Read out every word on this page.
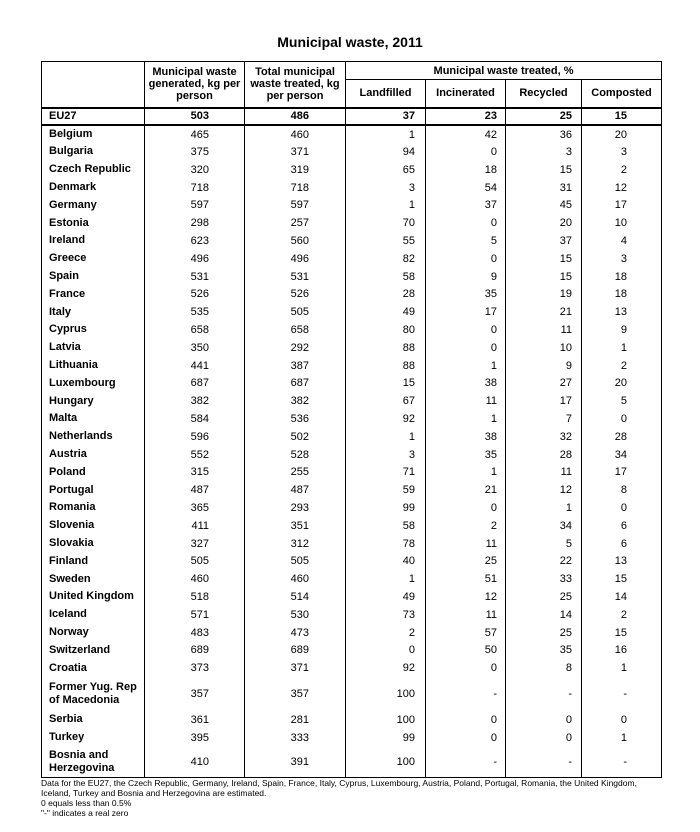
Municipal waste, 2011
	Municipal waste generated, kg per person	Total municipal waste treated, kg per person	Municipal waste treated, %			
			Landfilled	Incinerated	Recycled	Composted
EU27	503	486	37	23	25	15
Belgium	465	460	1	42	36	20
Bulgaria	375	371	94	0	3	3
Czech Republic	320	319	65	18	15	2
Denmark	718	718	3	54	31	12
Germany	597	597	1	37	45	17
Estonia	298	257	70	0	20	10
Ireland	623	560	55	5	37	4
Greece	496	496	82	0	15	3
Spain	531	531	58	9	15	18
France	526	526	28	35	19	18
Italy	535	505	49	17	21	13
Cyprus	658	658	80	0	11	9
Latvia	350	292	88	0	10	1
Lithuania	441	387	88	1	9	2
Luxembourg	687	687	15	38	27	20
Hungary	382	382	67	11	17	5
Malta	584	536	92	1	7	0
Netherlands	596	502	1	38	32	28
Austria	552	528	3	35	28	34
Poland	315	255	71	1	11	17
Portugal	487	487	59	21	12	8
Romania	365	293	99	0	1	0
Slovenia	411	351	58	2	34	6
Slovakia	327	312	78	11	5	6
Finland	505	505	40	25	22	13
Sweden	460	460	1	51	33	15
United Kingdom	518	514	49	12	25	14
Iceland	571	530	73	11	14	2
Norway	483	473	2	57	25	15
Switzerland	689	689	0	50	35	16
Croatia	373	371	92	0	8	1
Former Yug. Rep of Macedonia	357	357	100	-	-	-
Serbia	361	281	100	0	0	0
Turkey	395	333	99	0	0	1
Bosnia and Herzegovina	410	391	100	-	-	-
Data for the EU27, the Czech Republic, Germany, Ireland, Spain, France, Italy, Cyprus, Luxembourg, Austria, Poland, Portugal, Romania, the United Kingdom, Iceland, Turkey and Bosnia and Herzegovina are estimated.
0 equals less than 0.5%
"-" indicates a real zero
